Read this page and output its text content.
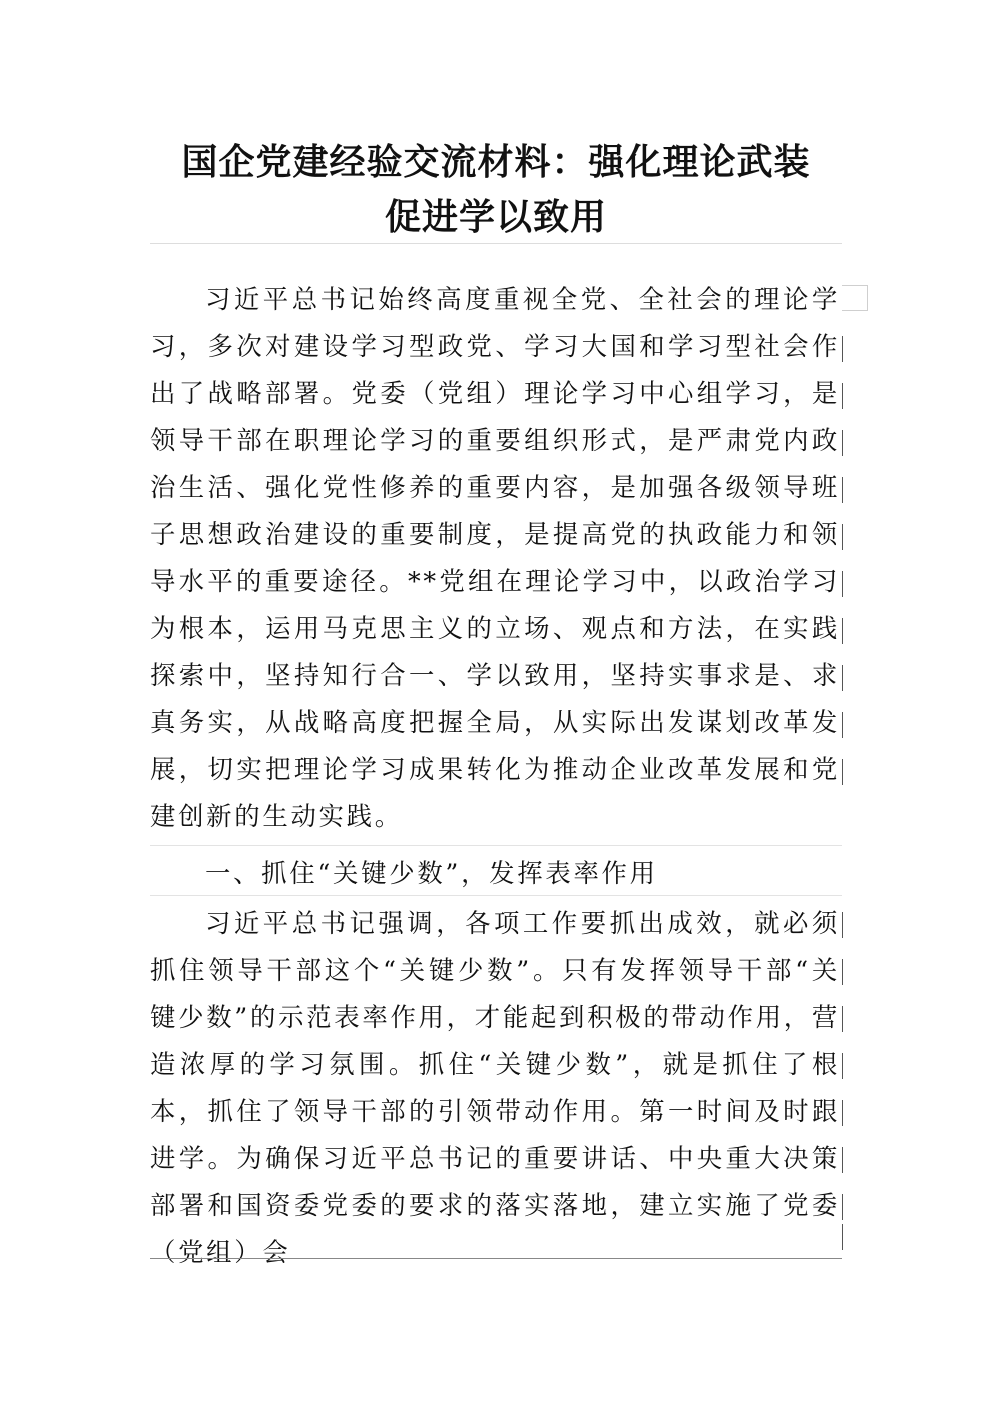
国企党建经验交流材料：强化理论武装
促进学以致用

习近平总书记始终高度重视全党、全社会的理论学习，多次对建设学习型政党、学习大国和学习型社会作出了战略部署。党委（党组）理论学习中心组学习，是领导干部在职理论学习的重要组织形式，是严肃党内政治生活、强化党性修养的重要内容，是加强各级领导班子思想政治建设的重要制度，是提高党的执政能力和领导水平的重要途径。**党组在理论学习中，以政治学习为根本，运用马克思主义的立场、观点和方法，在实践探索中，坚持知行合一、学以致用，坚持实事求是、求真务实，从战略高度把握全局，从实际出发谋划改革发展，切实把理论学习成果转化为推动企业改革发展和党建创新的生动实践。

一、抓住“关键少数”，发挥表率作用

习近平总书记强调，各项工作要抓出成效，就必须抓住领导干部这个“关键少数”。只有发挥领导干部“关键少数”的示范表率作用，才能起到积极的带动作用，营造浓厚的学习氛围。抓住“关键少数”，就是抓住了根本，抓住了领导干部的引领带动作用。第一时间及时跟进学。为确保习近平总书记的重要讲话、中央重大决策部署和国资委党委的要求的落实落地，建立实施了党委（党组）会
